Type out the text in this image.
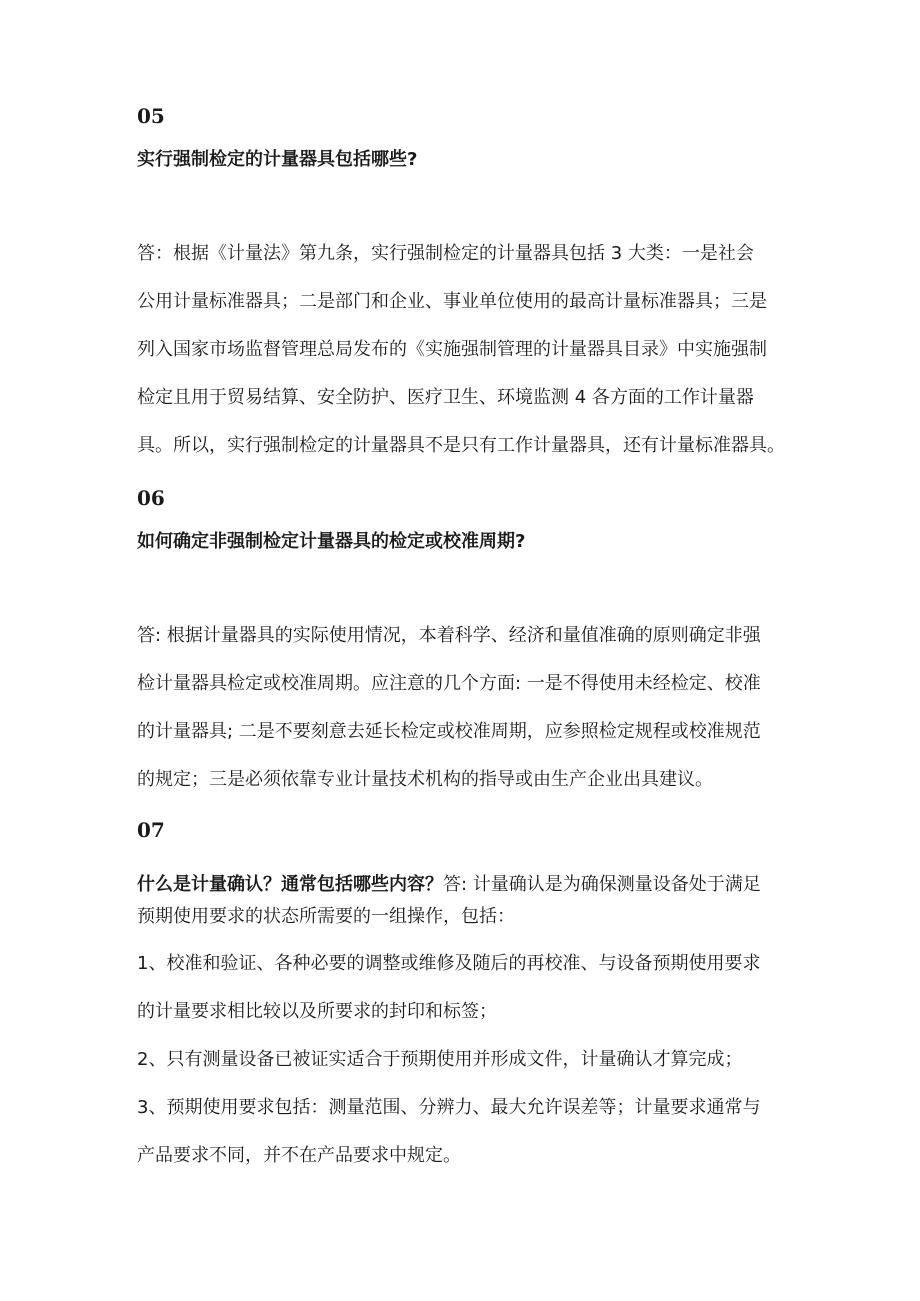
05

实行强制检定的计量器具包括哪些?

答：根据《计量法》第九条，实行强制检定的计量器具包括 3 大类：一是社会
公用计量标准器具；二是部门和企业、事业单位使用的最高计量标准器具；三是
列入国家市场监督管理总局发布的《实施强制管理的计量器具目录》中实施强制
检定且用于贸易结算、安全防护、医疗卫生、环境监测 4 各方面的工作计量器
具。所以，实行强制检定的计量器具不是只有工作计量器具，还有计量标准器具。

06

如何确定非强制检定计量器具的检定或校准周期?

答: 根据计量器具的实际使用情况，本着科学、经济和量值准确的原则确定非强
检计量器具检定或校准周期。应注意的几个方面: 一是不得使用未经检定、校准
的计量器具; 二是不要刻意去延长检定或校准周期，应参照检定规程或校准规范
的规定；三是必须依靠专业计量技术机构的指导或由生产企业出具建议。

07

什么是计量确认？通常包括哪些内容？答: 计量确认是为确保测量设备处于满足
预期使用要求的状态所需要的一组操作，包括：
1、校准和验证、各种必要的调整或维修及随后的再校准、与设备预期使用要求
的计量要求相比较以及所要求的封印和标签；
2、只有测量设备已被证实适合于预期使用并形成文件，计量确认才算完成；
3、预期使用要求包括：测量范围、分辨力、最大允许误差等；计量要求通常与
产品要求不同，并不在产品要求中规定。
